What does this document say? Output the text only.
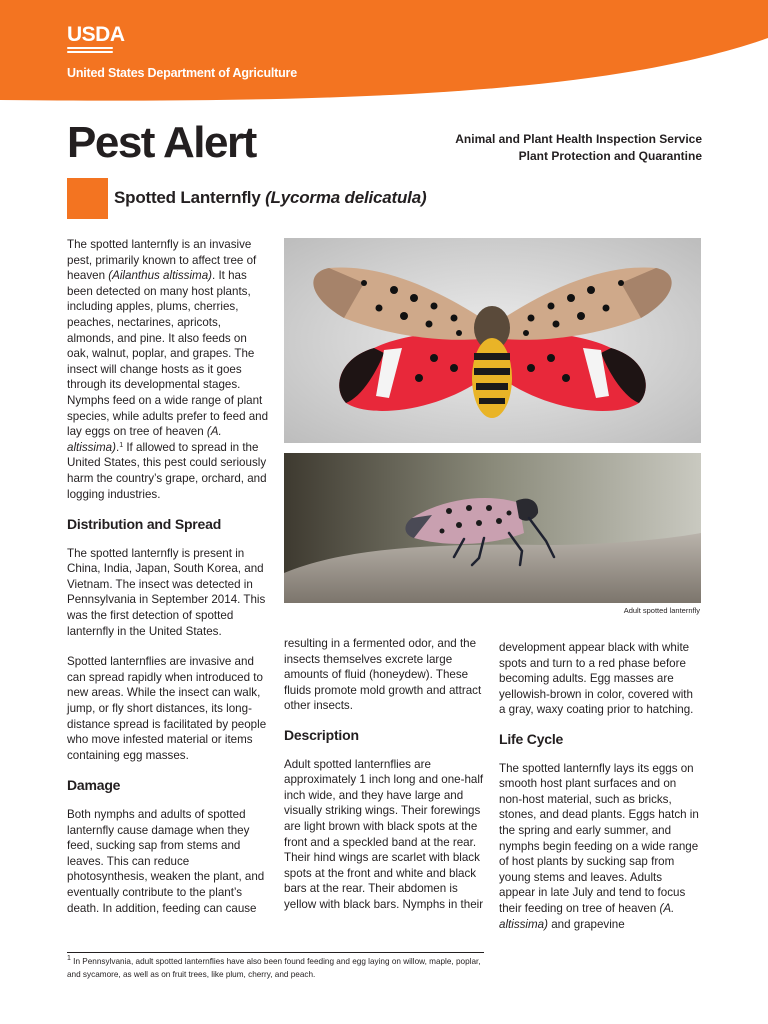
USDA
United States Department of Agriculture
Pest Alert	Animal and Plant Health Inspection Service
Plant Protection and Quarantine
Spotted Lanternfly (Lycorma delicatula)

The spotted lanternfly is an invasive pest, primarily known to affect tree of heaven (Ailanthus altissima). It has been detected on many host plants, including apples, plums, cherries, peaches, nectarines, apricots, almonds, and pine. It also feeds on oak, walnut, poplar, and grapes. The insect will change hosts as it goes through its developmental stages. Nymphs feed on a wide range of plant species, while adults prefer to feed and lay eggs on tree of heaven (A. altissima).$^1$ If allowed to spread in the United States, this pest could seriously harm the country’s grape, orchard, and logging industries.

Distribution and Spread

The spotted lanternfly is present in China, India, Japan, South Korea, and Vietnam. The insect was detected in Pennsylvania in September 2014. This was the first detection of spotted lanternfly in the United States.

Spotted lanternflies are invasive and can spread rapidly when introduced to new areas. While the insect can walk, jump, or fly short distances, its long-distance spread is facilitated by people who move infested material or items containing egg masses.

Damage

Both nymphs and adults of spotted lanternfly cause damage when they feed, sucking sap from stems and leaves. This can reduce photosynthesis, weaken the plant, and eventually contribute to the plant’s death. In addition, feeding can cause

Adult spotted lanternfly

resulting in a fermented odor, and the insects themselves excrete large amounts of fluid (honeydew). These fluids promote mold growth and attract other insects.

Description

Adult spotted lanternflies are approximately 1 inch long and one-half inch wide, and they have large and visually striking wings. Their forewings are light brown with black spots at the front and a speckled band at the rear. Their hind wings are scarlet with black spots at the front and white and black bars at the rear. Their abdomen is yellow with black bars. Nymphs in their

development appear black with white spots and turn to a red phase before becoming adults. Egg masses are yellowish-brown in color, covered with a gray, waxy coating prior to hatching.

Life Cycle

The spotted lanternfly lays its eggs on smooth host plant surfaces and on non-host material, such as bricks, stones, and dead plants. Eggs hatch in the spring and early summer, and nymphs begin feeding on a wide range of host plants by sucking sap from young stems and leaves. Adults appear in late July and tend to focus their feeding on tree of heaven (A. altissima) and grapevine

$^1$ In Pennsylvania, adult spotted lanternflies have also been found feeding and egg laying on willow, maple, poplar, and sycamore, as well as on fruit trees, like plum, cherry, and peach.
